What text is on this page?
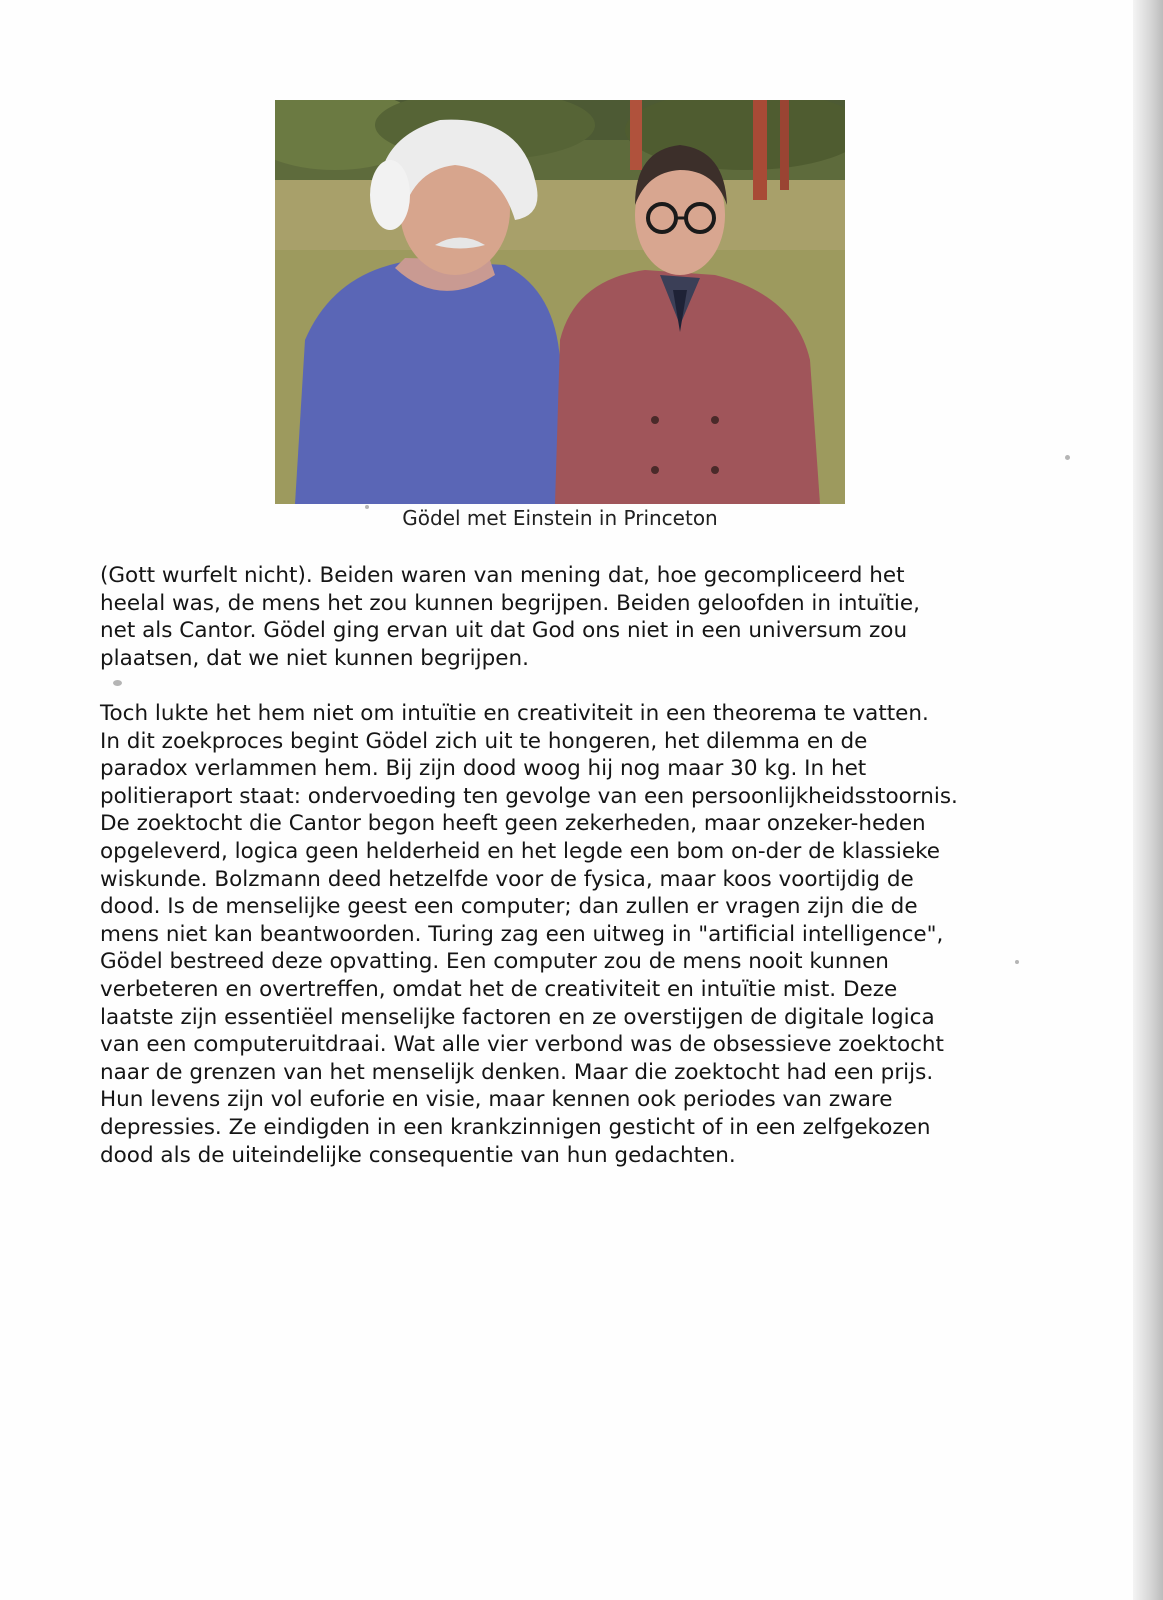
Gödel met Einstein in Princeton
(Gott wurfelt nicht). Beiden waren van mening dat, hoe gecompliceerd het
heelal was, de mens het zou kunnen begrijpen. Beiden geloofden in intuïtie,
net als Cantor. Gödel ging ervan uit dat God ons niet in een universum zou
plaatsen, dat we niet kunnen begrijpen.
Toch lukte het hem niet om intuïtie en creativiteit in een theorema te vatten.
In dit zoekproces begint Gödel zich uit te hongeren, het dilemma en de
paradox verlammen hem. Bij zijn dood woog hij nog maar 30 kg. In het
politieraport staat: ondervoeding ten gevolge van een persoonlijkheidsstoornis.
De zoektocht die Cantor begon heeft geen zekerheden, maar onzeker-heden
opgeleverd, logica geen helderheid en het legde een bom on-der de klassieke
wiskunde. Bolzmann deed hetzelfde voor de fysica, maar koos voortijdig de
dood. Is de menselijke geest een computer; dan zullen er vragen zijn die de
mens niet kan beantwoorden. Turing zag een uitweg in "artificial intelligence",
Gödel bestreed deze opvatting. Een computer zou de mens nooit kunnen
verbeteren en overtreffen, omdat het de creativiteit en intuïtie mist. Deze
laatste zijn essentiëel menselijke factoren en ze overstijgen de digitale logica
van een computeruitdraai. Wat alle vier verbond was de obsessieve zoektocht
naar de grenzen van het menselijk denken. Maar die zoektocht had een prijs.
Hun levens zijn vol euforie en visie, maar kennen ook periodes van zware
depressies. Ze eindigden in een krankzinnigen gesticht of in een zelfgekozen
dood als de uiteindelijke consequentie van hun gedachten.
